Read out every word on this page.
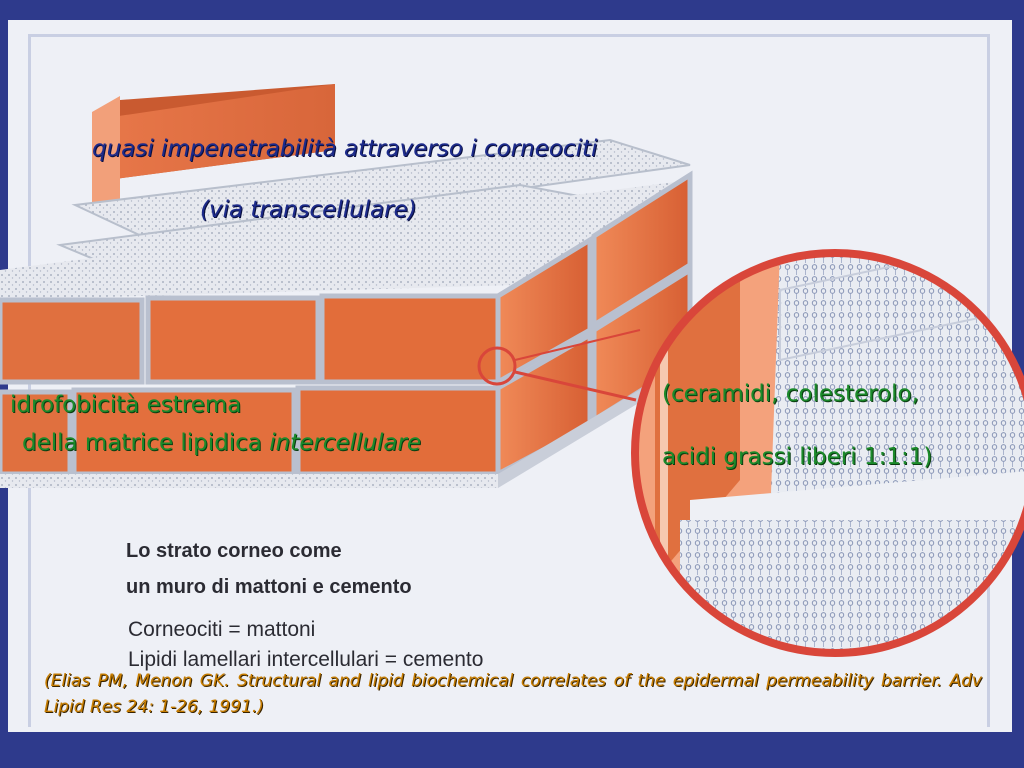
quasi impenetrabilità attraverso i corneociti
(via transcellulare)
idrofobicità estrema
della matrice lipidica intercellulare
(ceramidi, colesterolo,
acidi grassi liberi 1:1:1)
Lo strato corneo come
un muro di mattoni e cemento
Corneociti = mattoni
Lipidi lamellari intercellulari = cemento
(Elias PM, Menon GK. Structural and lipid biochemical correlates of the epidermal permeability barrier. Adv Lipid Res 24: 1-26, 1991.)
